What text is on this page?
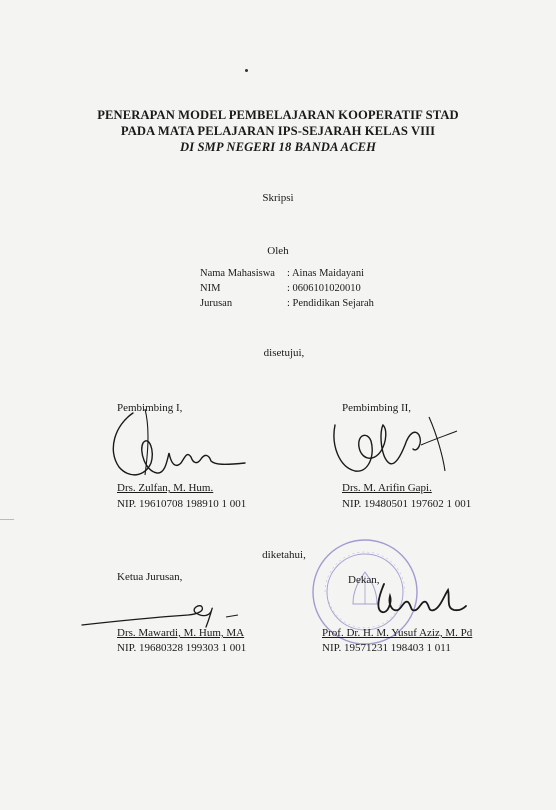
PENERAPAN MODEL PEMBELAJARAN KOOPERATIF STAD
PADA MATA PELAJARAN IPS-SEJARAH KELAS VIII
DI SMP NEGERI 18 BANDA ACEH
Skripsi
Oleh
Nama Mahasiswa : Ainas Maidayani
NIM	: 0606101020010
Jurusan	: Pendidikan Sejarah
disetujui,
Pembimbing I,
Drs. Zulfan, M. Hum.
NIP. 19610708 198910 1 001
Pembimbing II,
Drs. M. Arifin Gapi.
NIP. 19480501 197602 1 001
diketahui,
Ketua Jurusan,
Drs. Mawardi, M. Hum, MA
NIP. 19680328 199303 1 001
Dekan,
Prof. Dr. H. M. Yusuf Aziz, M. Pd
NIP. 19571231 198403 1 011
